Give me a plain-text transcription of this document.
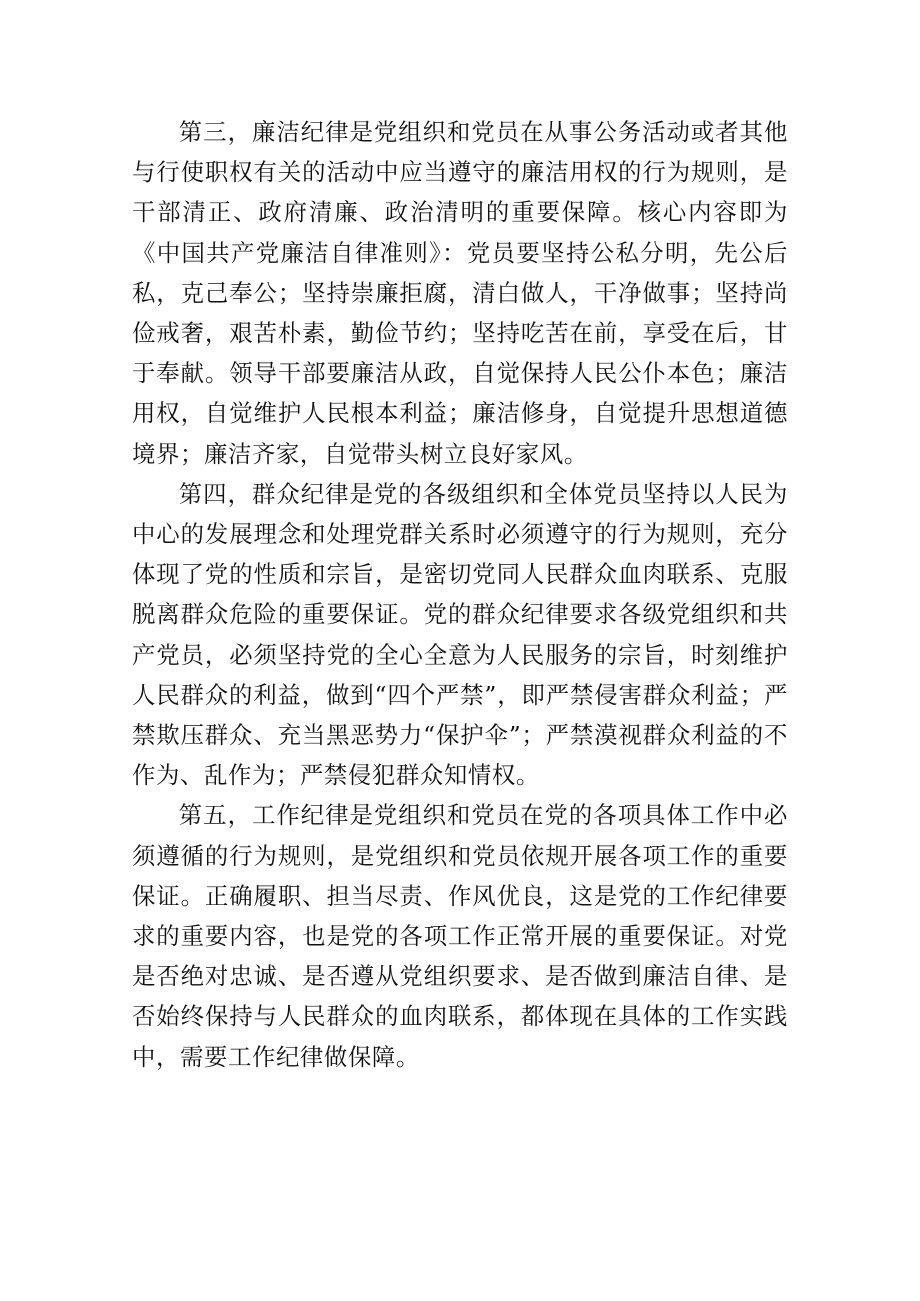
第三，廉洁纪律是党组织和党员在从事公务活动或者其他与行使职权有关的活动中应当遵守的廉洁用权的行为规则，是干部清正、政府清廉、政治清明的重要保障。核心内容即为《中国共产党廉洁自律准则》：党员要坚持公私分明，先公后私，克己奉公；坚持崇廉拒腐，清白做人，干净做事；坚持尚俭戒奢，艰苦朴素，勤俭节约；坚持吃苦在前，享受在后，甘于奉献。领导干部要廉洁从政，自觉保持人民公仆本色；廉洁用权，自觉维护人民根本利益；廉洁修身，自觉提升思想道德境界；廉洁齐家，自觉带头树立良好家风。

第四，群众纪律是党的各级组织和全体党员坚持以人民为中心的发展理念和处理党群关系时必须遵守的行为规则，充分体现了党的性质和宗旨，是密切党同人民群众血肉联系、克服脱离群众危险的重要保证。党的群众纪律要求各级党组织和共产党员，必须坚持党的全心全意为人民服务的宗旨，时刻维护人民群众的利益，做到“四个严禁”，即严禁侵害群众利益；严禁欺压群众、充当黑恶势力“保护伞”；严禁漠视群众利益的不作为、乱作为；严禁侵犯群众知情权。

第五，工作纪律是党组织和党员在党的各项具体工作中必须遵循的行为规则，是党组织和党员依规开展各项工作的重要保证。正确履职、担当尽责、作风优良，这是党的工作纪律要求的重要内容，也是党的各项工作正常开展的重要保证。对党是否绝对忠诚、是否遵从党组织要求、是否做到廉洁自律、是否始终保持与人民群众的血肉联系，都体现在具体的工作实践中，需要工作纪律做保障。
